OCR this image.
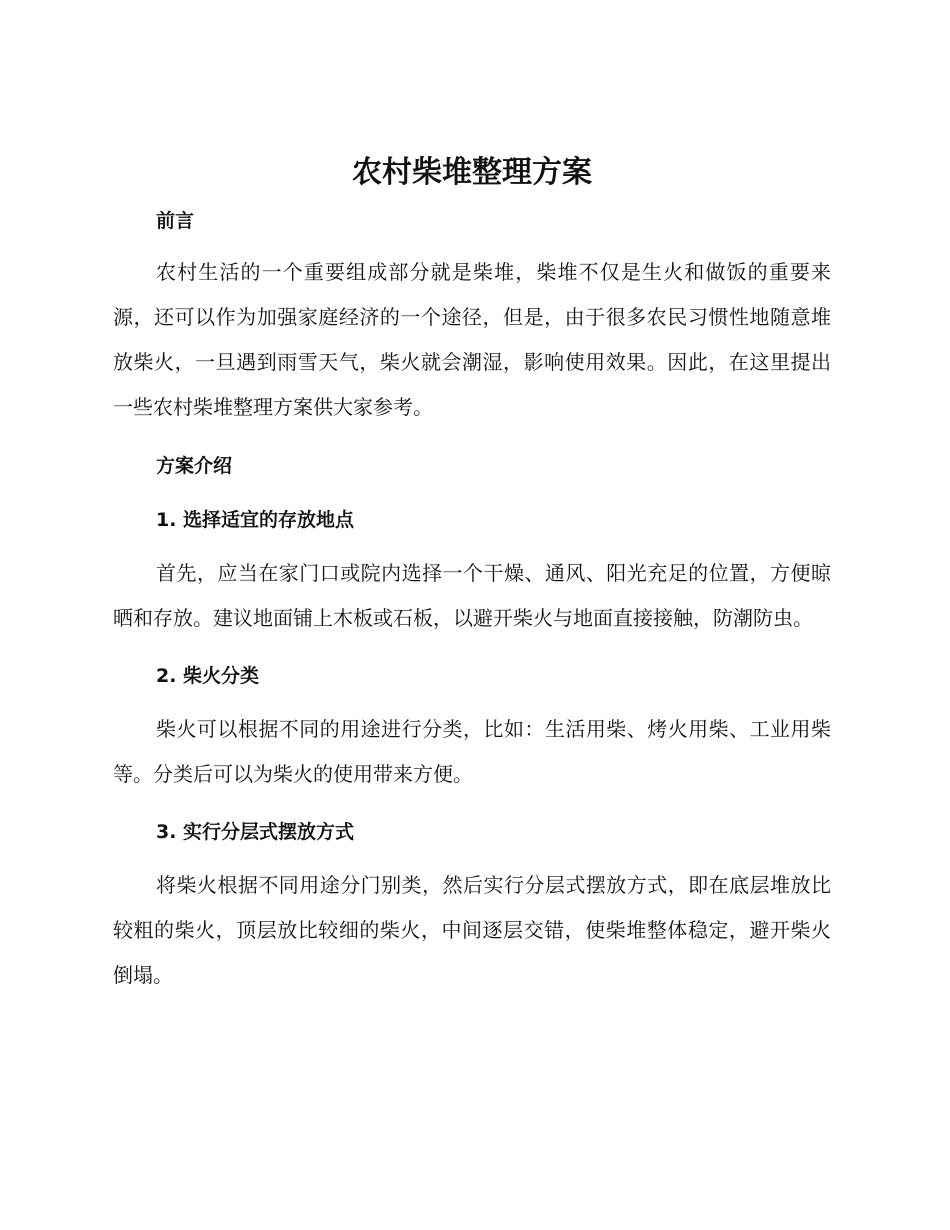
农村柴堆整理方案
前言

农村生活的一个重要组成部分就是柴堆，柴堆不仅是生火和做饭的重要来源，还可以作为加强家庭经济的一个途径，但是，由于很多农民习惯性地随意堆放柴火，一旦遇到雨雪天气，柴火就会潮湿，影响使用效果。因此，在这里提出一些农村柴堆整理方案供大家参考。

方案介绍
1. 选择适宜的存放地点

首先，应当在家门口或院内选择一个干燥、通风、阳光充足的位置，方便晾晒和存放。建议地面铺上木板或石板，以避开柴火与地面直接接触，防潮防虫。

2. 柴火分类

柴火可以根据不同的用途进行分类，比如：生活用柴、烤火用柴、工业用柴等。分类后可以为柴火的使用带来方便。

3. 实行分层式摆放方式

将柴火根据不同用途分门别类，然后实行分层式摆放方式，即在底层堆放比较粗的柴火，顶层放比较细的柴火，中间逐层交错，使柴堆整体稳定，避开柴火倒塌。
